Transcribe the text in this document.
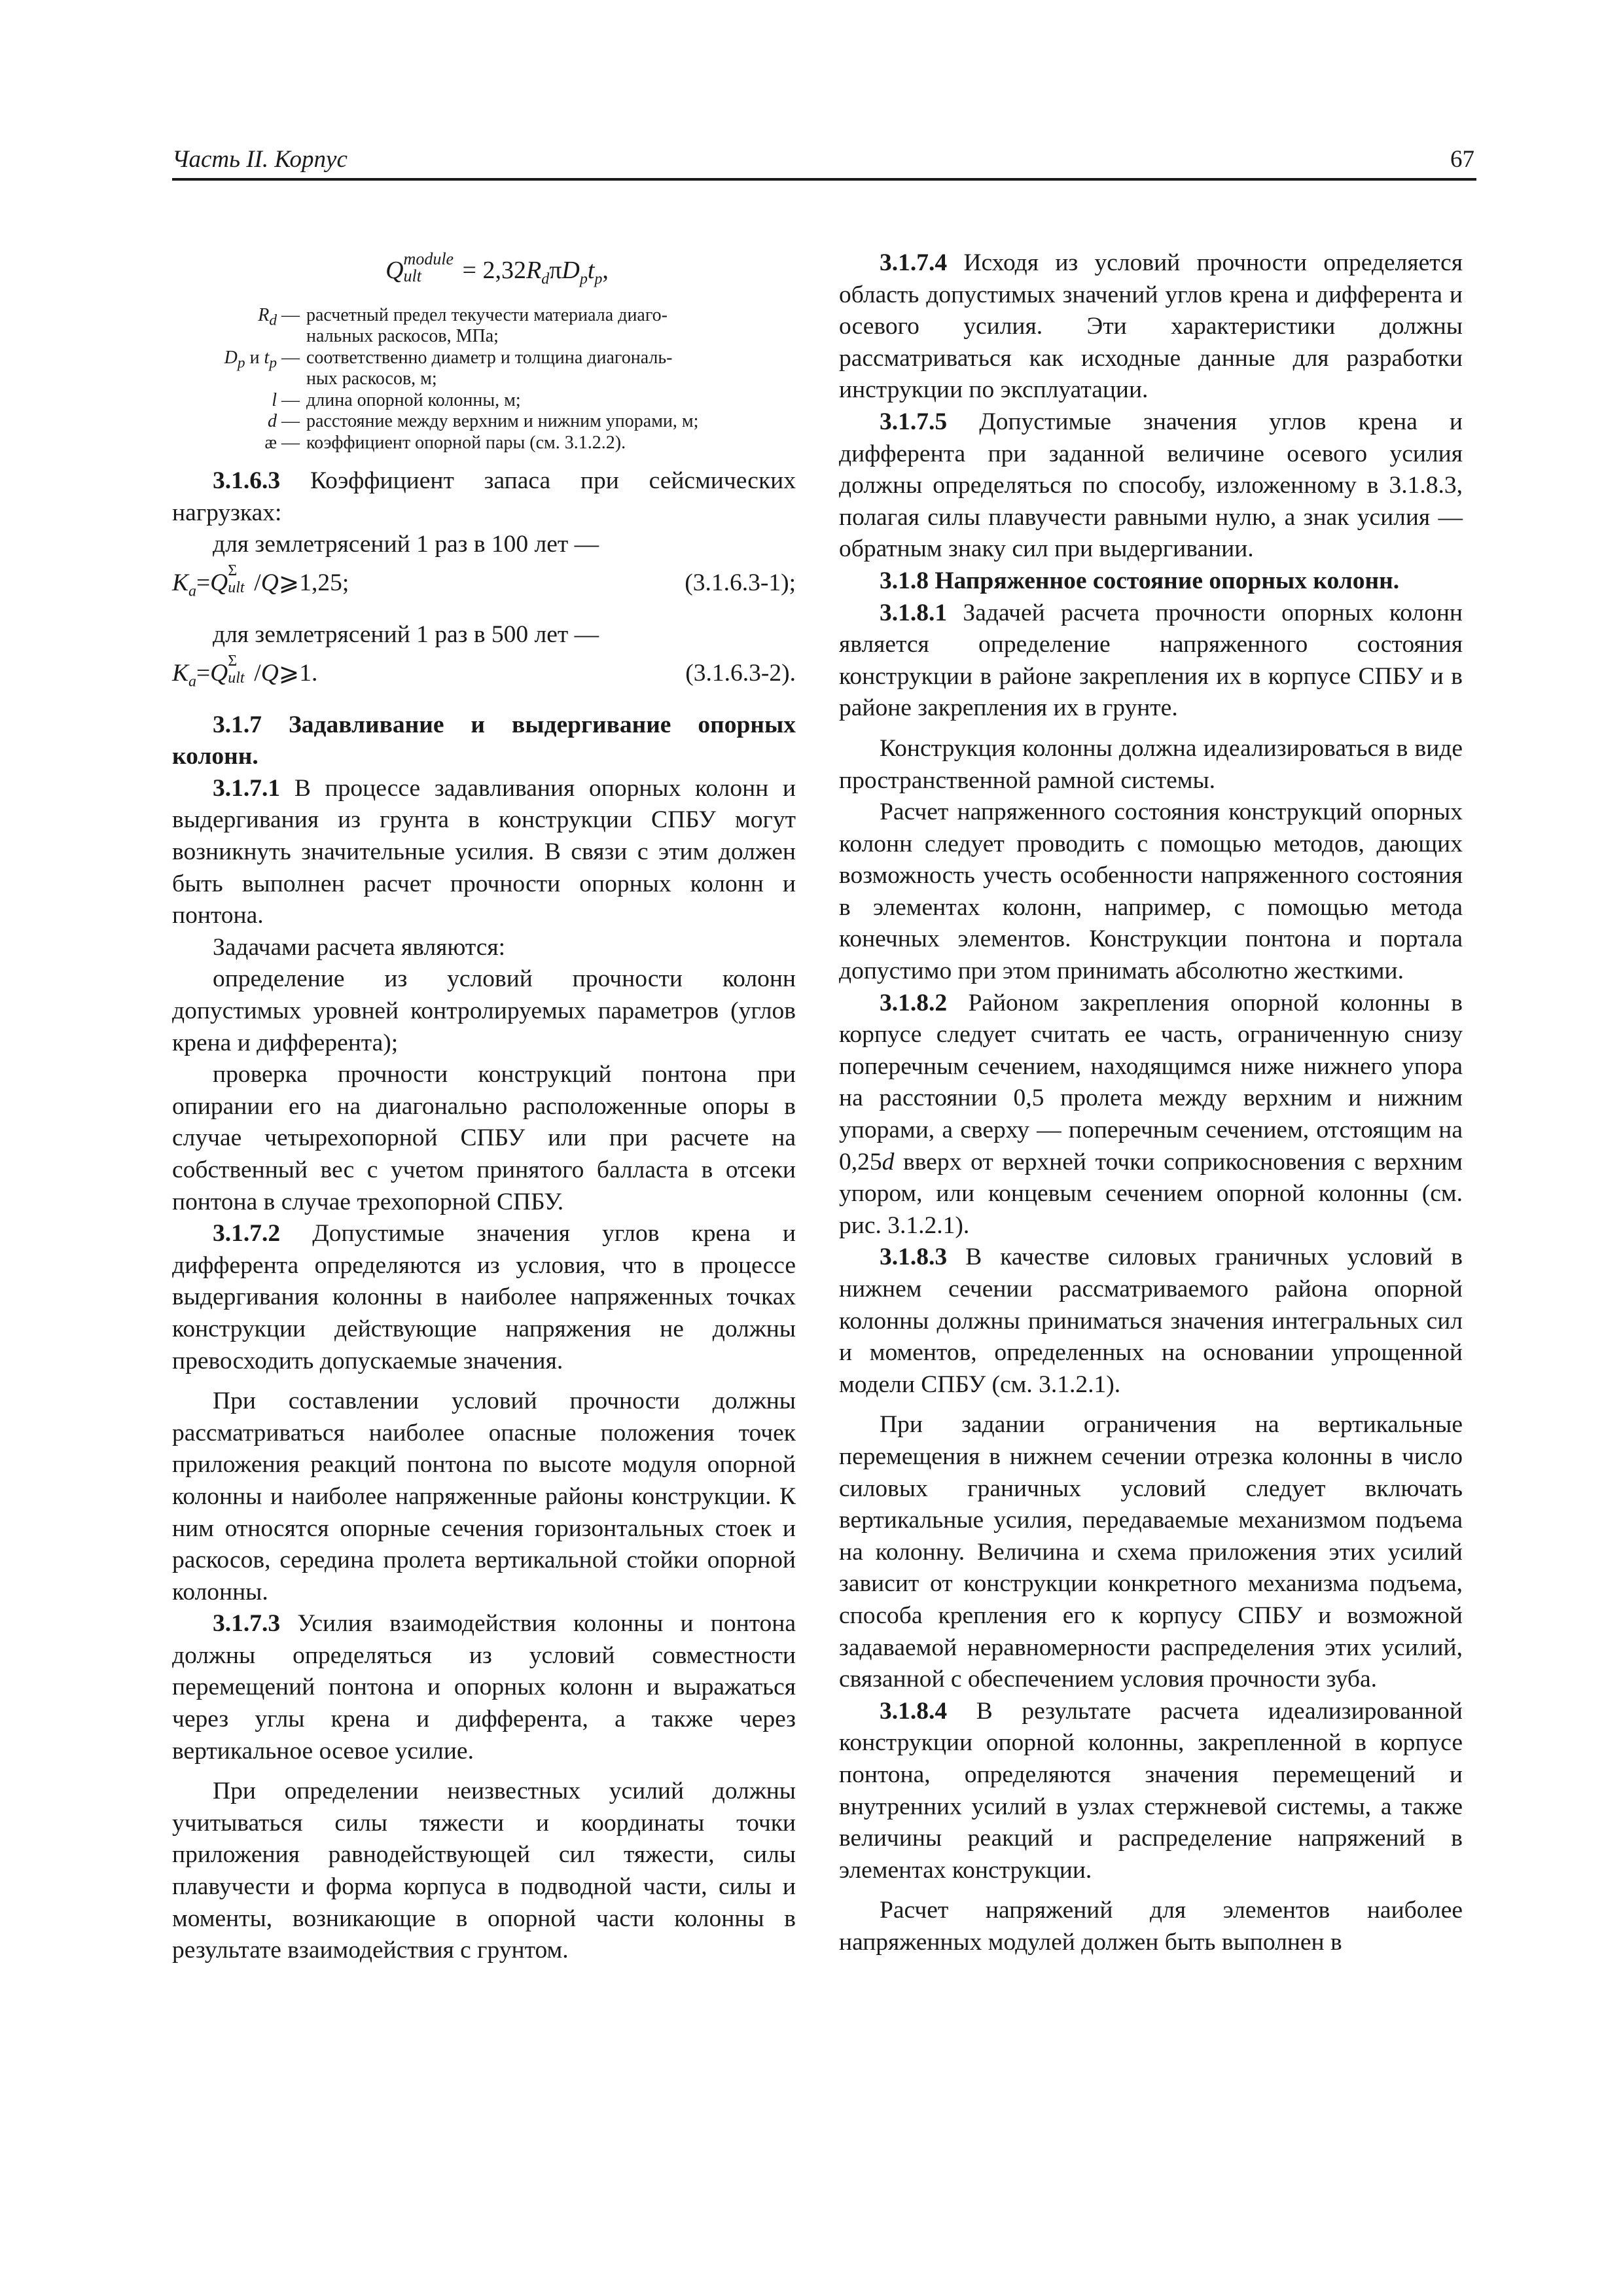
Часть II. Корпус	67
Q module
ult = $2,32R_d\pi D_pt_p$,
$R_d$ — расчетный предел текучести материала диаго-
нальных раскосов, МПа;
$D_p$ и $t_p$ — соответственно диаметр и толщина диагональ-
ных раскосов, м;
l — длина опорной колонны, м;
d — расстояние между верхним и нижним упорами, м;
æ — коэффициент опорной пары (см. 3.1.2.2).

3.1.6.3 Коэффициент запаса при сейсмических нагрузках:

для землетрясений 1 раз в 100 лет —

$K_a=Q$ Σ
ult /Q⩾1,25;	(3.1.6.3-1);

для землетрясений 1 раз в 500 лет —

$K_a=Q$ Σ
ult /Q⩾1.	(3.1.6.3-2).
3.1.7 Задавливание и выдергивание опорных колонн.

3.1.7.1 В процессе задавливания опорных колонн и выдергивания из грунта в конструкции СПБУ могут возникнуть значительные усилия. В связи с этим должен быть выполнен расчет прочности опорных колонн и понтона.

Задачами расчета являются:

определение из условий прочности колонн допустимых уровней контролируемых параметров (углов крена и дифферента);

проверка прочности конструкций понтона при опирании его на диагонально расположенные опоры в случае четырехопорной СПБУ или при расчете на собственный вес с учетом принятого балласта в отсеки понтона в случае трехопорной СПБУ.

3.1.7.2 Допустимые значения углов крена и дифферента определяются из условия, что в процессе выдергивания колонны в наиболее напряженных точках конструкции действующие напряжения не должны превосходить допускаемые значения.

При составлении условий прочности должны рассматриваться наиболее опасные положения точек приложения реакций понтона по высоте модуля опорной колонны и наиболее напряженные районы конструкции. К ним относятся опорные сечения горизонтальных стоек и раскосов, середина пролета вертикальной стойки опорной колонны.

3.1.7.3 Усилия взаимодействия колонны и понтона должны определяться из условий совместности перемещений понтона и опорных колонн и выражаться через углы крена и дифферента, а также через вертикальное осевое усилие.

При определении неизвестных усилий должны учитываться силы тяжести и координаты точки приложения равнодействующей сил тяжести, силы плавучести и форма корпуса в подводной части, силы и моменты, возникающие в опорной части колонны в результате взаимодействия с грунтом.

3.1.7.4 Исходя из условий прочности определяется область допустимых значений углов крена и дифферента и осевого усилия. Эти характеристики должны рассматриваться как исходные данные для разработки инструкции по эксплуатации.

3.1.7.5 Допустимые значения углов крена и дифферента при заданной величине осевого усилия должны определяться по способу, изложенному в 3.1.8.3, полагая силы плавучести равными нулю, а знак усилия — обратным знаку сил при выдергивании.

3.1.8 Напряженное состояние опорных колонн.

3.1.8.1 Задачей расчета прочности опорных колонн является определение напряженного состояния конструкции в районе закрепления их в корпусе СПБУ и в районе закрепления их в грунте.

Конструкция колонны должна идеализироваться в виде пространственной рамной системы.

Расчет напряженного состояния конструкций опорных колонн следует проводить с помощью методов, дающих возможность учесть особенности напряженного состояния в элементах колонн, например, с помощью метода конечных элементов. Конструкции понтона и портала допустимо при этом принимать абсолютно жесткими.

3.1.8.2 Районом закрепления опорной колонны в корпусе следует считать ее часть, ограниченную снизу поперечным сечением, находящимся ниже нижнего упора на расстоянии 0,5 пролета между верхним и нижним упорами, а сверху — поперечным сечением, отстоящим на 0,25d вверх от верхней точки соприкосновения с верхним упором, или концевым сечением опорной колонны (см. рис. 3.1.2.1).

3.1.8.3 В качестве силовых граничных условий в нижнем сечении рассматриваемого района опорной колонны должны приниматься значения интегральных сил и моментов, определенных на основании упрощенной модели СПБУ (см. 3.1.2.1).

При задании ограничения на вертикальные перемещения в нижнем сечении отрезка колонны в число силовых граничных условий следует включать вертикальные усилия, передаваемые механизмом подъема на колонну. Величина и схема приложения этих усилий зависит от конструкции конкретного механизма подъема, способа крепления его к корпусу СПБУ и возможной задаваемой неравномерности распределения этих усилий, связанной с обеспечением условия прочности зуба.

3.1.8.4 В результате расчета идеализированной конструкции опорной колонны, закрепленной в корпусе понтона, определяются значения перемещений и внутренних усилий в узлах стержневой системы, а также величины реакций и распределение напряжений в элементах конструкции.

Расчет напряжений для элементов наиболее напряженных модулей должен быть выполнен в
